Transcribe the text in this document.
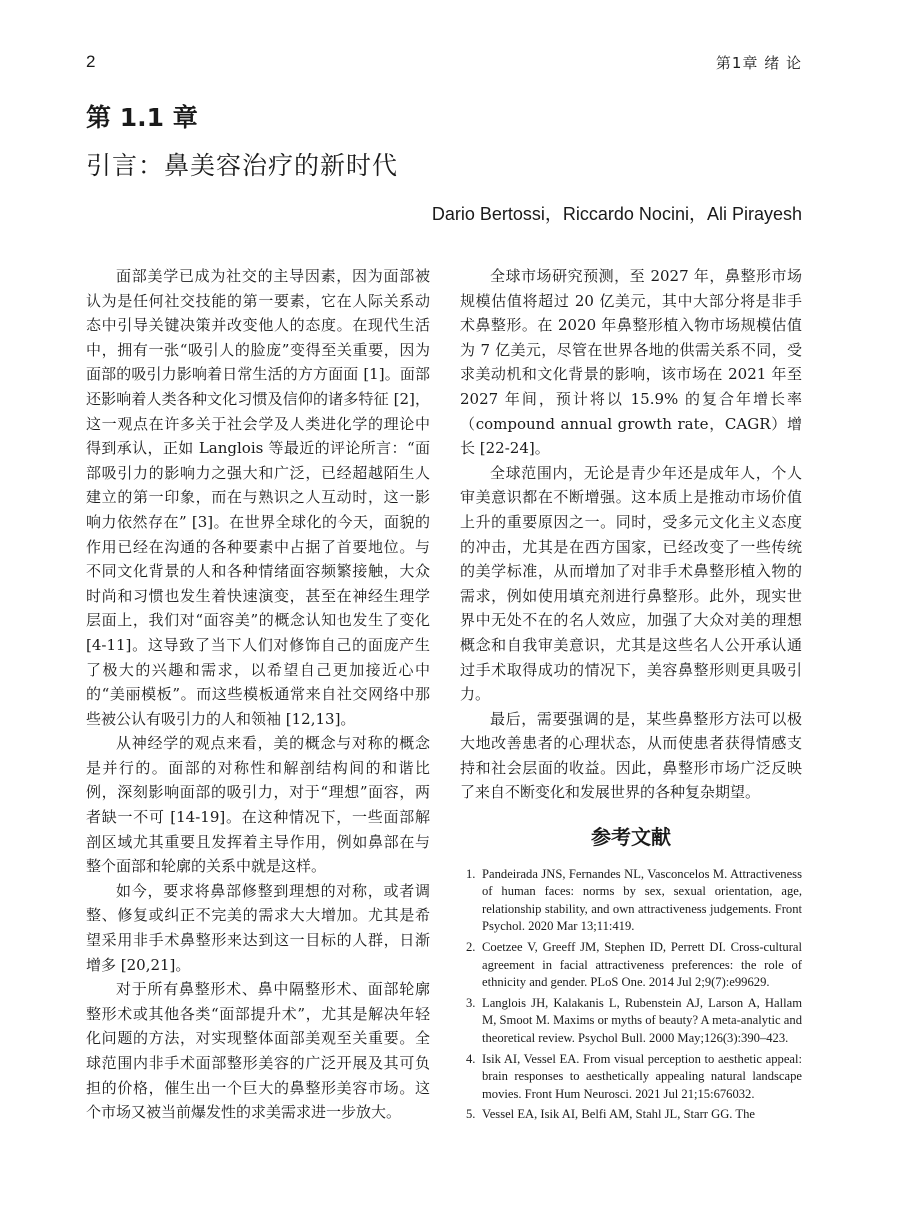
2	第1章 绪 论
第 1.1 章
引言：鼻美容治疗的新时代
Dario Bertossi，Riccardo Nocini，Ali Pirayesh

面部美学已成为社交的主导因素，因为面部被认为是任何社交技能的第一要素，它在人际关系动态中引导关键决策并改变他人的态度。在现代生活中，拥有一张“吸引人的脸庞”变得至关重要，因为面部的吸引力影响着日常生活的方方面面 [1]。面部还影响着人类各种文化习惯及信仰的诸多特征 [2]，这一观点在许多关于社会学及人类进化学的理论中得到承认，正如 Langlois 等最近的评论所言：“面部吸引力的影响力之强大和广泛，已经超越陌生人建立的第一印象，而在与熟识之人互动时，这一影响力依然存在” [3]。在世界全球化的今天，面貌的作用已经在沟通的各种要素中占据了首要地位。与不同文化背景的人和各种情绪面容频繁接触，大众时尚和习惯也发生着快速演变，甚至在神经生理学层面上，我们对“面容美”的概念认知也发生了变化 [4-11]。这导致了当下人们对修饰自己的面庞产生了极大的兴趣和需求，以希望自己更加接近心中的“美丽模板”。而这些模板通常来自社交网络中那些被公认有吸引力的人和领袖 [12,13]。

从神经学的观点来看，美的概念与对称的概念是并行的。面部的对称性和解剖结构间的和谐比例，深刻影响面部的吸引力，对于“理想”面容，两者缺一不可 [14-19]。在这种情况下，一些面部解剖区域尤其重要且发挥着主导作用，例如鼻部在与整个面部和轮廓的关系中就是这样。

如今，要求将鼻部修整到理想的对称，或者调整、修复或纠正不完美的需求大大增加。尤其是希望采用非手术鼻整形来达到这一目标的人群，日渐增多 [20,21]。

对于所有鼻整形术、鼻中隔整形术、面部轮廓整形术或其他各类“面部提升术”，尤其是解决年轻化问题的方法，对实现整体面部美观至关重要。全球范围内非手术面部整形美容的广泛开展及其可负担的价格，催生出一个巨大的鼻整形美容市场。这个市场又被当前爆发性的求美需求进一步放大。

全球市场研究预测，至 2027 年，鼻整形市场规模估值将超过 20 亿美元，其中大部分将是非手术鼻整形。在 2020 年鼻整形植入物市场规模估值为 7 亿美元，尽管在世界各地的供需关系不同，受求美动机和文化背景的影响，该市场在 2021 年至 2027 年间，预计将以 15.9% 的复合年增长率（compound annual growth rate，CAGR）增长 [22-24]。

全球范围内，无论是青少年还是成年人，个人审美意识都在不断增强。这本质上是推动市场价值上升的重要原因之一。同时，受多元文化主义态度的冲击，尤其是在西方国家，已经改变了一些传统的美学标准，从而增加了对非手术鼻整形植入物的需求，例如使用填充剂进行鼻整形。此外，现实世界中无处不在的名人效应，加强了大众对美的理想概念和自我审美意识，尤其是这些名人公开承认通过手术取得成功的情况下，美容鼻整形则更具吸引力。

最后，需要强调的是，某些鼻整形方法可以极大地改善患者的心理状态，从而使患者获得情感支持和社会层面的收益。因此，鼻整形市场广泛反映了来自不断变化和发展世界的各种复杂期望。

参考文献
1. Pandeirada JNS, Fernandes NL, Vasconcelos M. Attractiveness of human faces: norms by sex, sexual orientation, age, relationship stability, and own attractiveness judgements. Front Psychol. 2020 Mar 13;11:419.
2. Coetzee V, Greeff JM, Stephen ID, Perrett DI. Cross-cultural agreement in facial attractiveness preferences: the role of ethnicity and gender. PLoS One. 2014 Jul 2;9(7):e99629.
3. Langlois JH, Kalakanis L, Rubenstein AJ, Larson A, Hallam M, Smoot M. Maxims or myths of beauty? A meta-analytic and theoretical review. Psychol Bull. 2000 May;126(3):390–423.
4. Isik AI, Vessel EA. From visual perception to aesthetic appeal: brain responses to aesthetically appealing natural landscape movies. Front Hum Neurosci. 2021 Jul 21;15:676032.
5. Vessel EA, Isik AI, Belfi AM, Stahl JL, Starr GG. The
